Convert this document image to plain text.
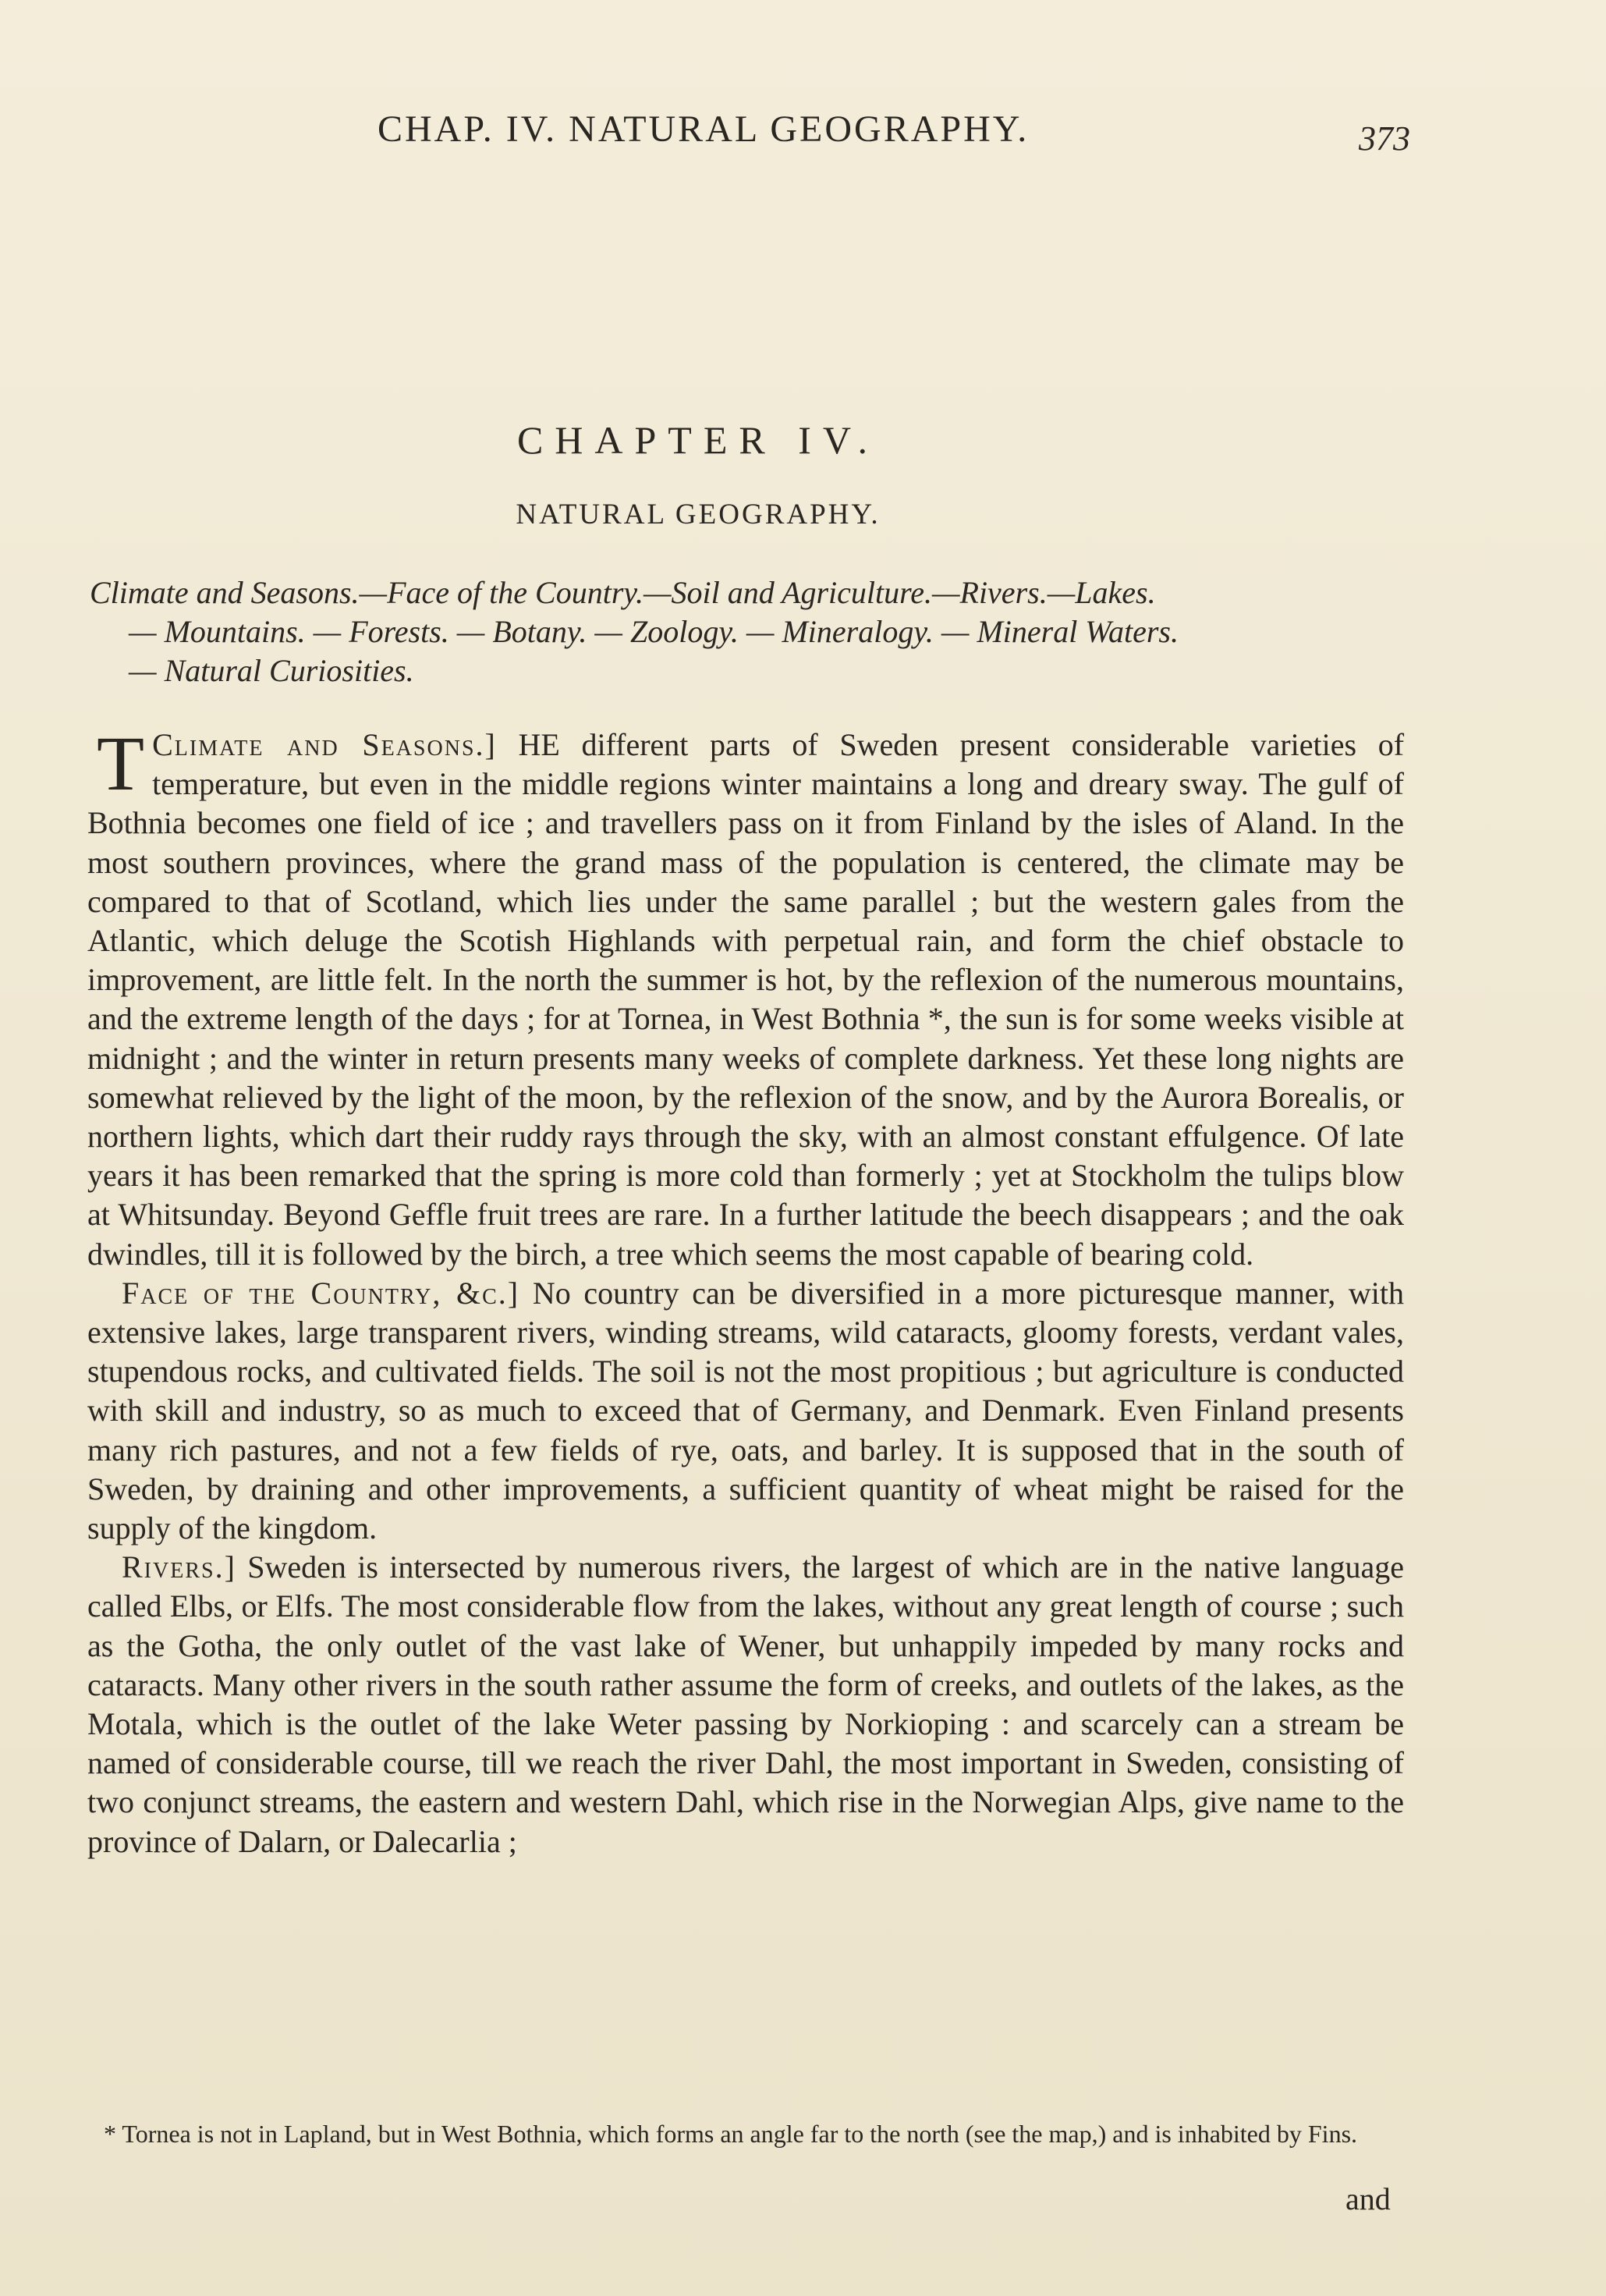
CHAP. IV. NATURAL GEOGRAPHY.	373
CHAPTER IV.
NATURAL GEOGRAPHY.
Climate and Seasons.—Face of the Country.—Soil and Agriculture.—Rivers.—Lakes.
— Mountains. — Forests. — Botany. — Zoology. — Mineralogy. — Mineral Waters.
— Natural Curiosities.

Climate and Seasons.]
T	HE different parts of Sweden present considerable varieties of temperature, but even in the middle regions winter maintains a long and dreary sway. The gulf of Bothnia becomes one field of ice ; and travellers pass on it from Finland by the isles of Aland. In the most southern provinces, where the grand mass of the population is centered, the climate may be compared to that of Scotland, which lies under the same parallel ; but the western gales from the Atlantic, which deluge the Scotish Highlands with perpetual rain, and form the chief obstacle to improvement, are little felt. In the north the summer is hot, by the reflexion of the numerous mountains, and the extreme length of the days ; for at Tornea, in West Bothnia *, the sun is for some weeks visible at midnight ; and the winter in return presents many weeks of complete darkness. Yet these long nights are somewhat relieved by the light of the moon, by the reflexion of the snow, and by the Aurora Borealis, or northern lights, which dart their ruddy rays through the sky, with an almost constant effulgence. Of late years it has been remarked that the spring is more cold than formerly ; yet at Stockholm the tulips blow at Whitsunday. Beyond Geffle fruit trees are rare. In a further latitude the beech disappears ; and the oak dwindles, till it is followed by the birch, a tree which seems the most capable of bearing cold.

Face of the Country, &c.] No country can be diversified in a more picturesque manner, with extensive lakes, large transparent rivers, winding streams, wild cataracts, gloomy forests, verdant vales, stupendous rocks, and cultivated fields. The soil is not the most propitious ; but agriculture is conducted with skill and industry, so as much to exceed that of Germany, and Denmark. Even Finland presents many rich pastures, and not a few fields of rye, oats, and barley. It is supposed that in the south of Sweden, by draining and other improvements, a sufficient quantity of wheat might be raised for the supply of the kingdom.

Rivers.] Sweden is intersected by numerous rivers, the largest of which are in the native language called Elbs, or Elfs. The most considerable flow from the lakes, without any great length of course ; such as the Gotha, the only outlet of the vast lake of Wener, but unhappily impeded by many rocks and cataracts. Many other rivers in the south rather assume the form of creeks, and outlets of the lakes, as the Motala, which is the outlet of the lake Weter passing by Norkioping : and scarcely can a stream be named of considerable course, till we reach the river Dahl, the most important in Sweden, consisting of two conjunct streams, the eastern and western Dahl, which rise in the Norwegian Alps, give name to the province of Dalarn, or Dalecarlia ;

* Tornea is not in Lapland, but in West Bothnia, which forms an angle far to the north (see the map,) and is inhabited by Fins.
and
